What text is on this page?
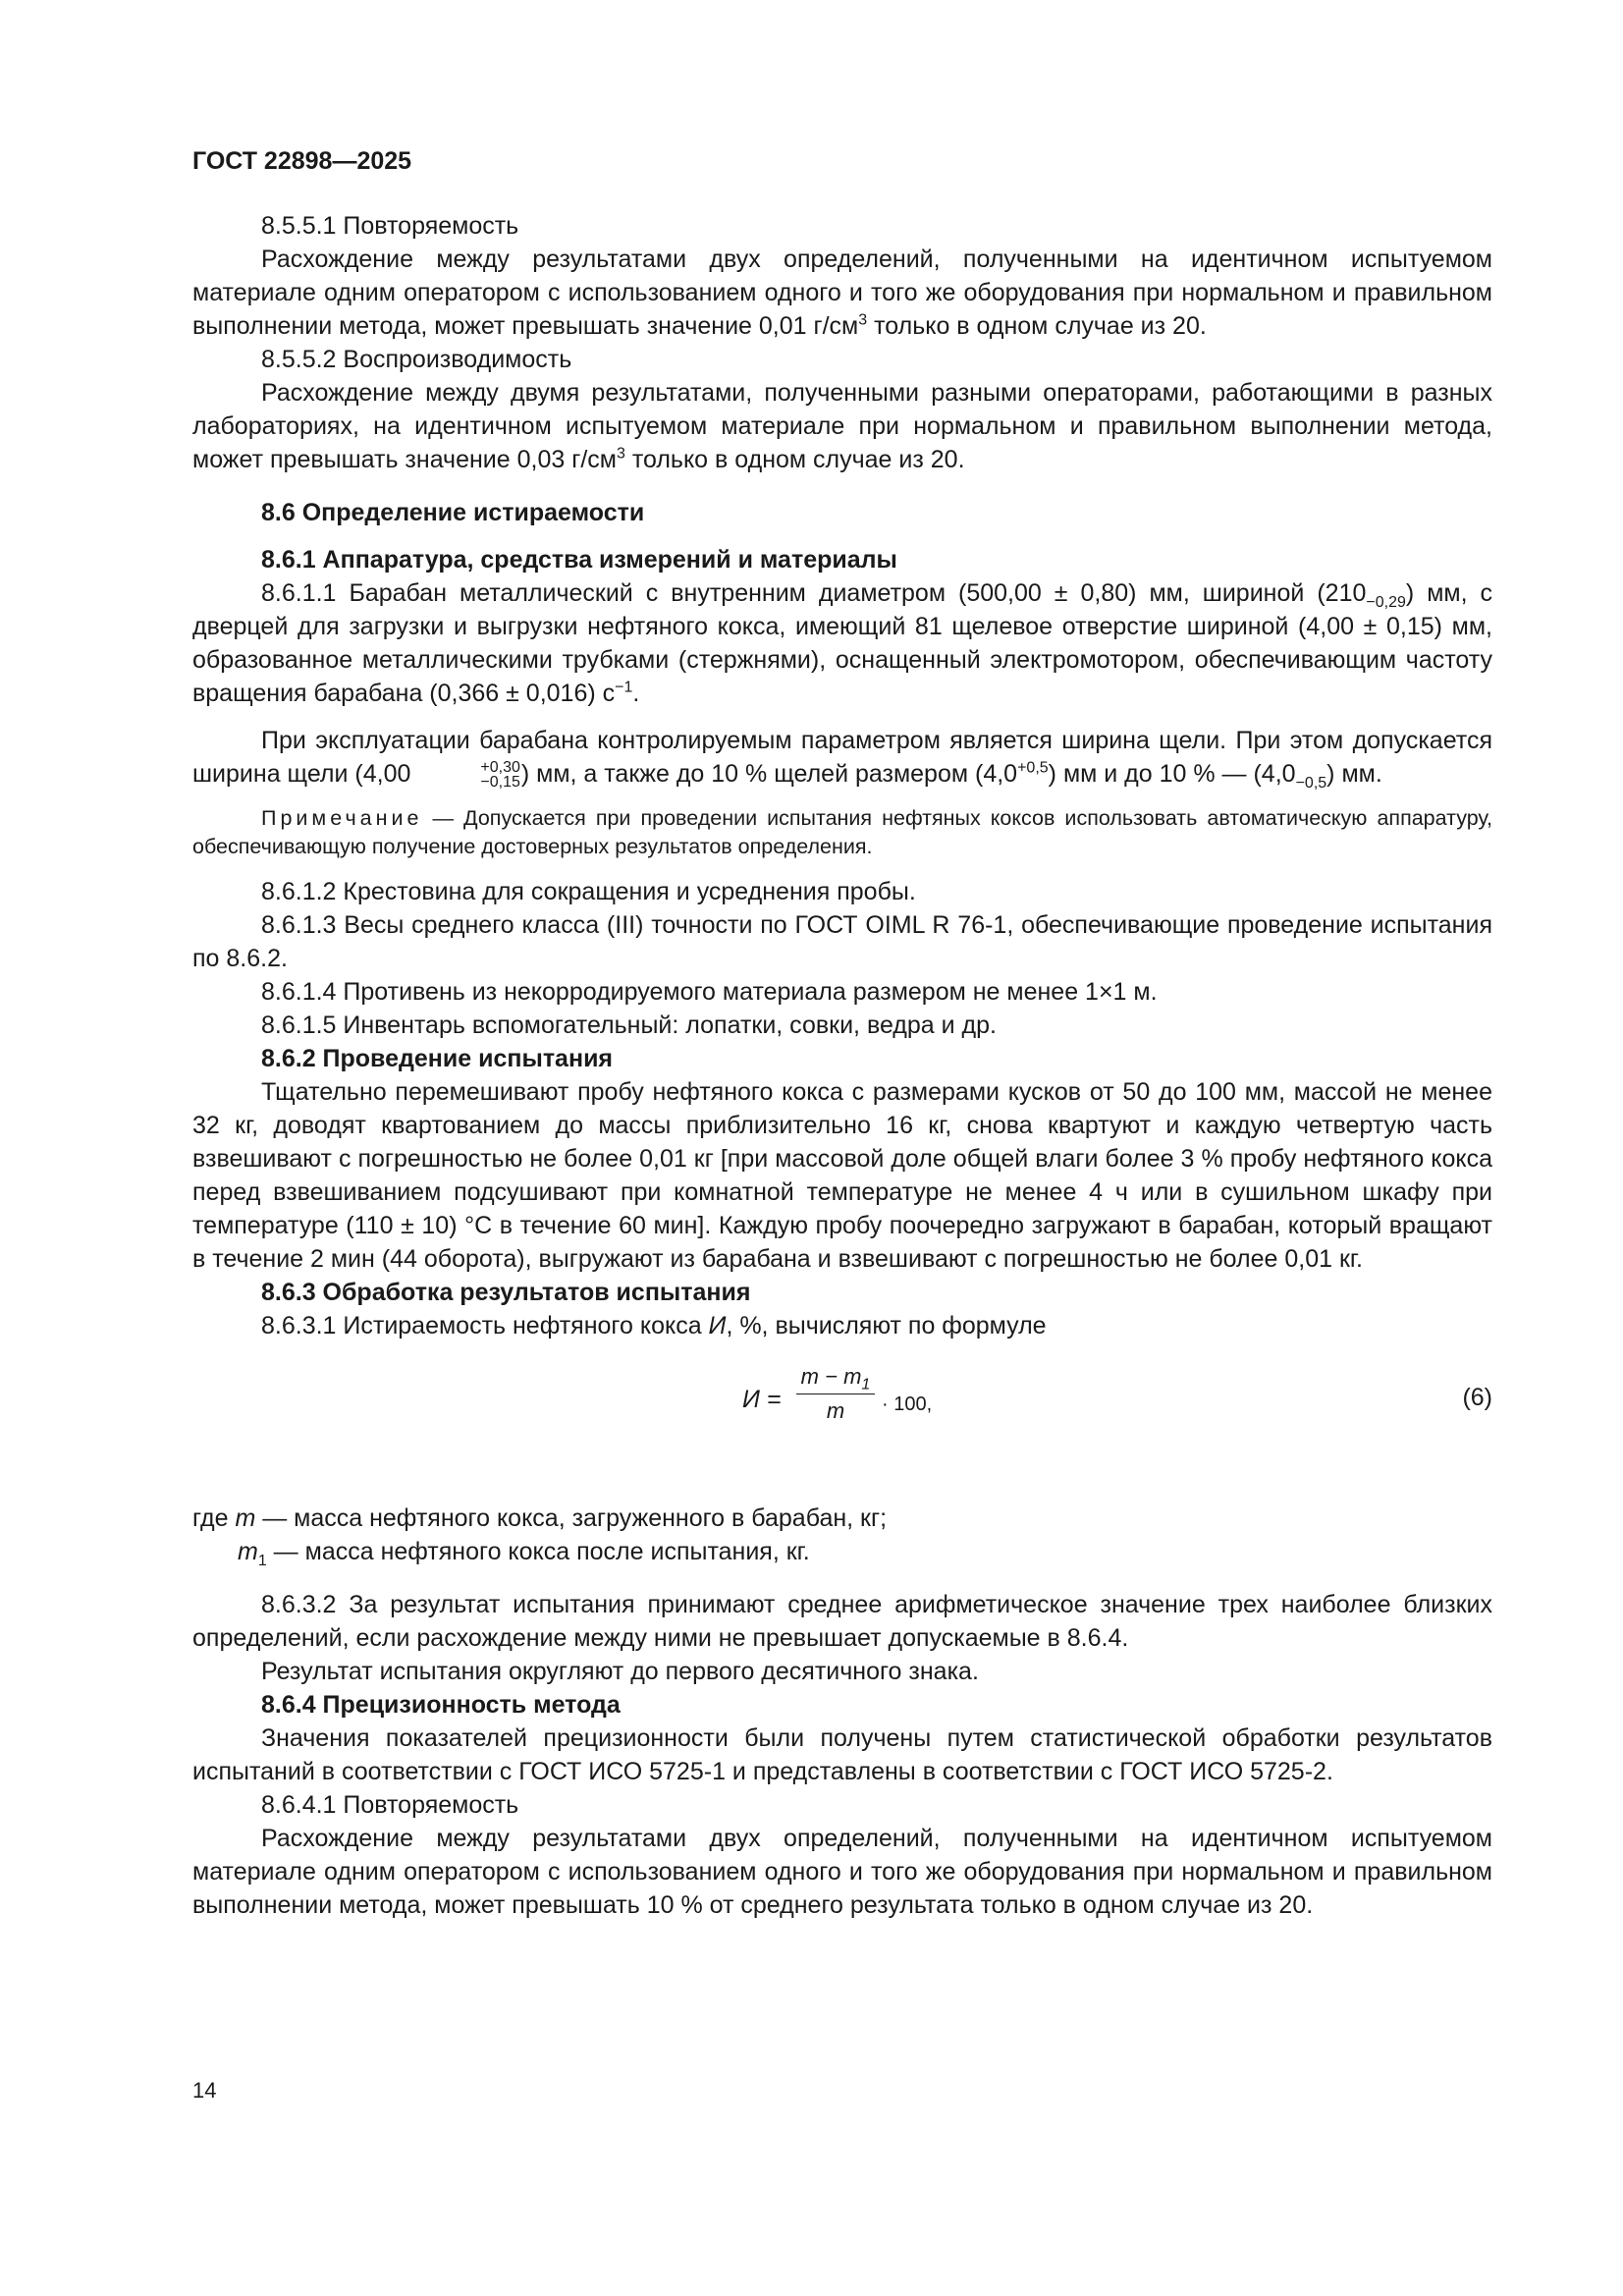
ГОСТ 22898—2025

8.5.5.1 Повторяемость

Расхождение между результатами двух определений, полученными на идентичном испытуемом материале одним оператором с использованием одного и того же оборудования при нормальном и правильном выполнении метода, может превышать значение 0,01 $г/см^3$ только в одном случае из 20.

8.5.5.2 Воспроизводимость

Расхождение между двумя результатами, полученными разными операторами, работающими в разных лабораториях, на идентичном испытуемом материале при нормальном и правильном выполнении метода, может превышать значение 0,03 $г/см^3$ только в одном случае из 20.

8.6 Определение истираемости

8.6.1 Аппаратура, средства измерений и материалы

8.6.1.1 Барабан металлический с внутренним диаметром (500,00 ± 0,80) мм, шириной $(210_{-0,29})$ мм, с дверцей для загрузки и выгрузки нефтяного кокса, имеющий 81 щелевое отверстие шириной (4,00 ± 0,15) мм, образованное металлическими трубками (стержнями), оснащенный электромотором, обеспечивающим частоту вращения барабана (0,366 ± 0,016) $с^{-1}$.

При эксплуатации барабана контролируемым параметром является ширина щели. При этом допускается ширина щели (4,00	+0,30
−0,15 ) мм, а также до 10 % щелей размером $(4,0^{+0,5})$ мм и до 10 % — $(4,0_{-0,5})$ мм.

Примечание — Допускается при проведении испытания нефтяных коксов использовать автоматическую аппаратуру, обеспечивающую получение достоверных результатов определения.

8.6.1.2 Крестовина для сокращения и усреднения пробы.

8.6.1.3 Весы среднего класса (III) точности по ГОСТ OIML R 76-1, обеспечивающие проведение испытания по 8.6.2.

8.6.1.4 Противень из некорродируемого материала размером не менее 1×1 м.

8.6.1.5 Инвентарь вспомогательный: лопатки, совки, ведра и др.

8.6.2 Проведение испытания

Тщательно перемешивают пробу нефтяного кокса с размерами кусков от 50 до 100 мм, массой не менее 32 кг, доводят квартованием до массы приблизительно 16 кг, снова квартуют и каждую четвертую часть взвешивают с погрешностью не более 0,01 кг [при массовой доле общей влаги более 3 % пробу нефтяного кокса перед взвешиванием подсушивают при комнатной температуре не менее 4 ч или в сушильном шкафу при температуре (110 ± 10) °С в течение 60 мин]. Каждую пробу поочередно загружают в барабан, который вращают в течение 2 мин (44 оборота), выгружают из барабана и взвешивают с погрешностью не более 0,01 кг.

8.6.3 Обработка результатов испытания

8.6.3.1 Истираемость нефтяного кокса И, %, вычисляют по формуле

$И = \frac{m - m_1}{m} \cdot 100$,	(6)

где m — масса нефтяного кокса, загруженного в барабан, кг;

$m_1$ — масса нефтяного кокса после испытания, кг.

8.6.3.2 За результат испытания принимают среднее арифметическое значение трех наиболее близких определений, если расхождение между ними не превышает допускаемые в 8.6.4.

Результат испытания округляют до первого десятичного знака.

8.6.4 Прецизионность метода

Значения показателей прецизионности были получены путем статистической обработки результатов испытаний в соответствии с ГОСТ ИСО 5725-1 и представлены в соответствии с ГОСТ ИСО 5725-2.

8.6.4.1 Повторяемость

Расхождение между результатами двух определений, полученными на идентичном испытуемом материале одним оператором с использованием одного и того же оборудования при нормальном и правильном выполнении метода, может превышать 10 % от среднего результата только в одном случае из 20.

14
